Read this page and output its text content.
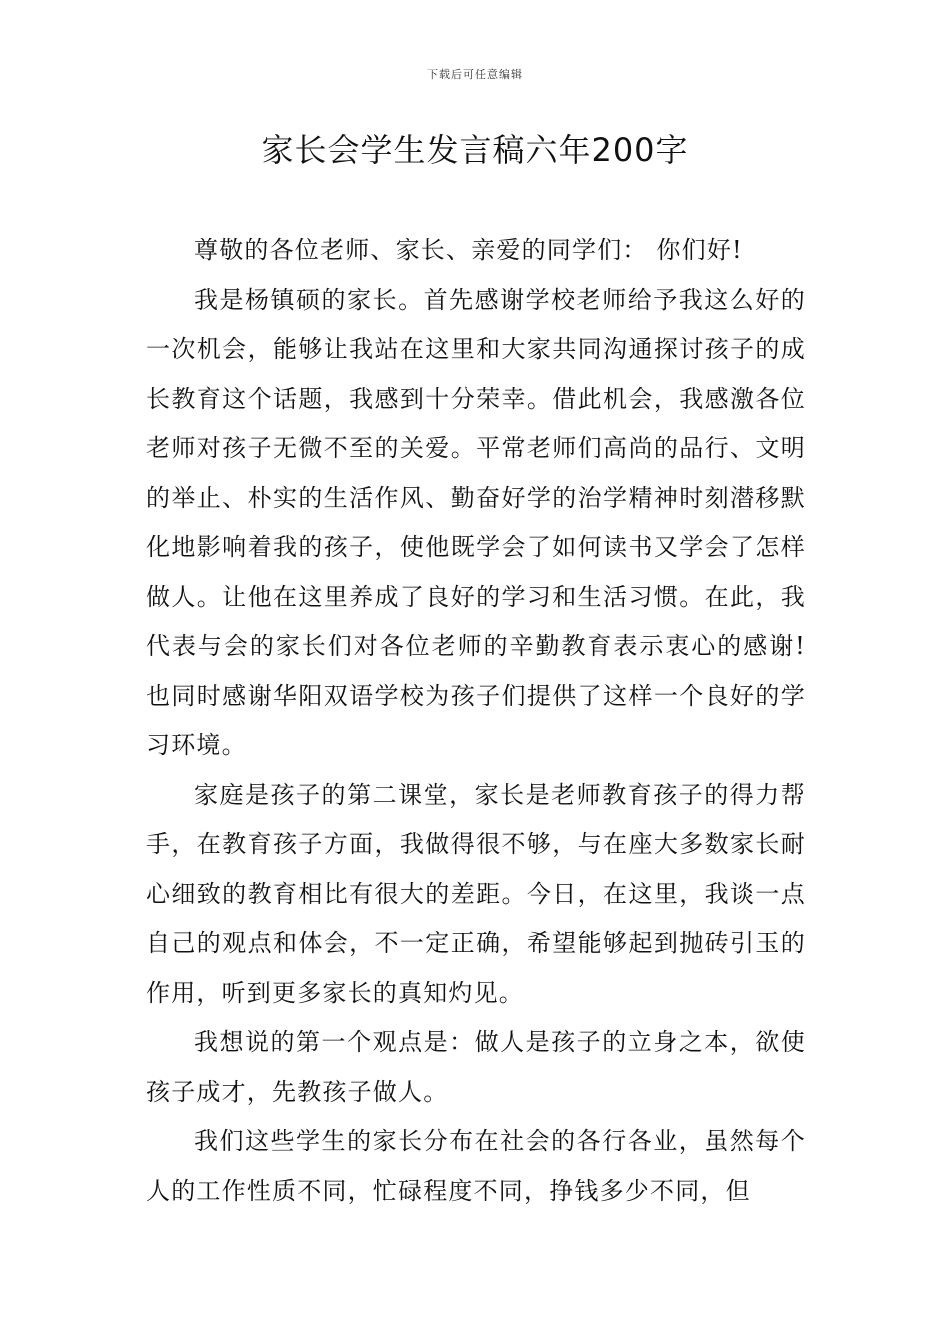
下载后可任意编辑
家长会学生发言稿六年200字

尊敬的各位老师、家长、亲爱的同学们： 你们好!

我是杨镇硕的家长。首先感谢学校老师给予我这么好的一次机会，能够让我站在这里和大家共同沟通探讨孩子的成长教育这个话题，我感到十分荣幸。借此机会，我感激各位老师对孩子无微不至的关爱。平常老师们高尚的品行、文明的举止、朴实的生活作风、勤奋好学的治学精神时刻潜移默化地影响着我的孩子，使他既学会了如何读书又学会了怎样做人。让他在这里养成了良好的学习和生活习惯。在此，我代表与会的家长们对各位老师的辛勤教育表示衷心的感谢!也同时感谢华阳双语学校为孩子们提供了这样一个良好的学习环境。

家庭是孩子的第二课堂，家长是老师教育孩子的得力帮手，在教育孩子方面，我做得很不够，与在座大多数家长耐心细致的教育相比有很大的差距。今日，在这里，我谈一点自己的观点和体会，不一定正确，希望能够起到抛砖引玉的作用，听到更多家长的真知灼见。

我想说的第一个观点是：做人是孩子的立身之本，欲使孩子成才，先教孩子做人。

我们这些学生的家长分布在社会的各行各业，虽然每个人的工作性质不同，忙碌程度不同，挣钱多少不同，但
